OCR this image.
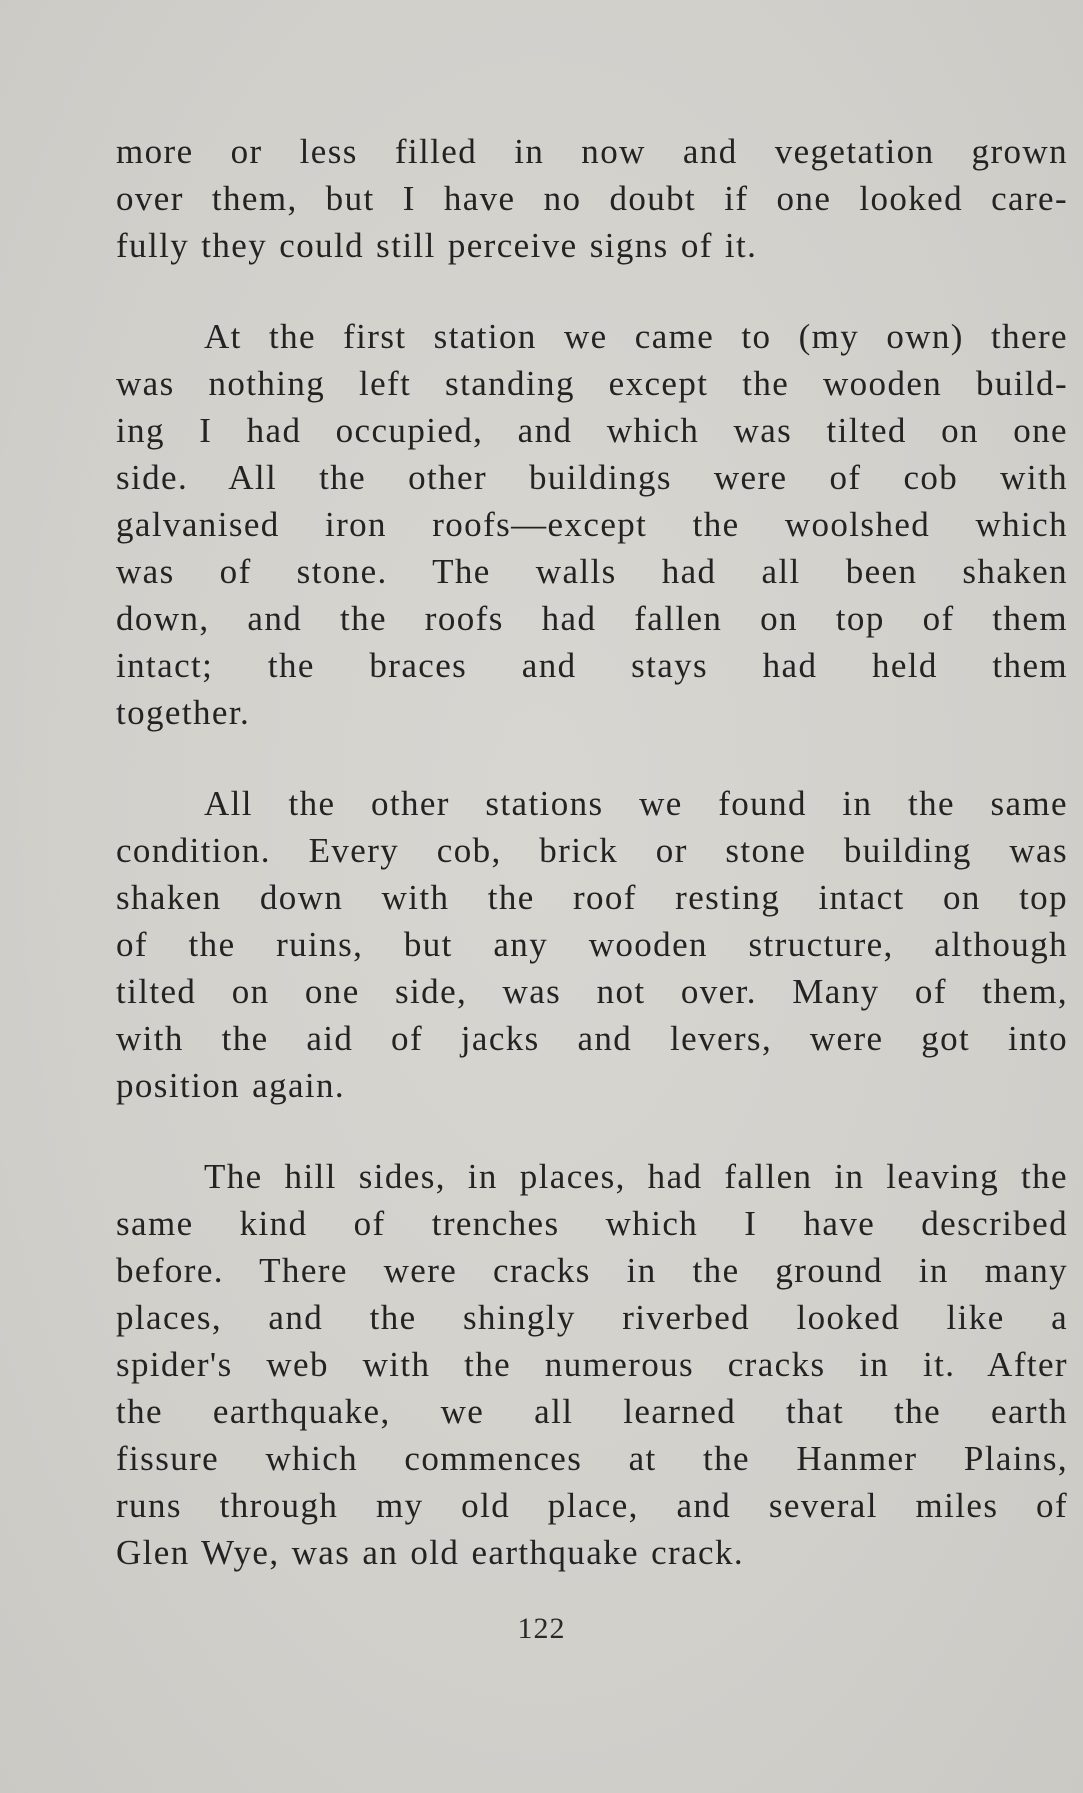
more or less filled in now and vegetation grown
over them, but I have no doubt if one looked care-
fully they could still perceive signs of it.

At the first station we came to (my own) there
was nothing left standing except the wooden build-
ing I had occupied, and which was tilted on one
side. All the other buildings were of cob with
galvanised iron roofs—except the woolshed which
was of stone. The walls had all been shaken
down, and the roofs had fallen on top of them
intact; the braces and stays had held them
together.

All the other stations we found in the same
condition. Every cob, brick or stone building was
shaken down with the roof resting intact on top
of the ruins, but any wooden structure, although
tilted on one side, was not over. Many of them,
with the aid of jacks and levers, were got into
position again.

The hill sides, in places, had fallen in leaving the
same kind of trenches which I have described
before. There were cracks in the ground in many
places, and the shingly riverbed looked like a
spider's web with the numerous cracks in it. After
the earthquake, we all learned that the earth
fissure which commences at the Hanmer Plains,
runs through my old place, and several miles of
Glen Wye, was an old earthquake crack.

122
